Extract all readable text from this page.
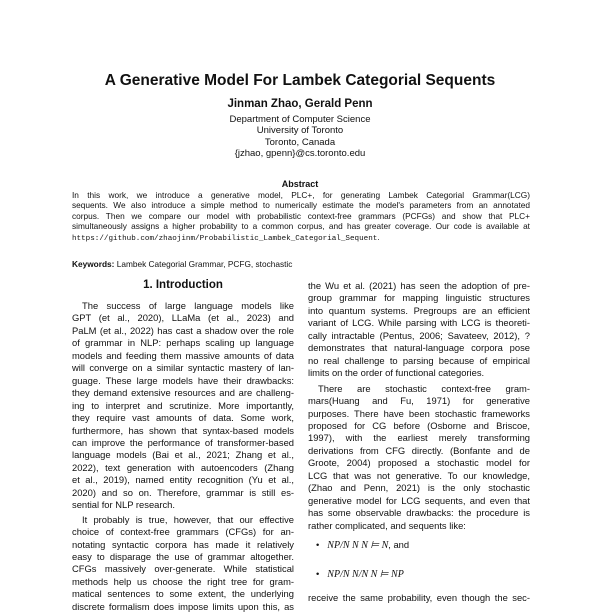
A Generative Model For Lambek Categorial Sequents
Jinman Zhao, Gerald Penn
Department of Computer Science
University of Toronto
Toronto, Canada
{jzhao, gpenn}@cs.toronto.edu
Abstract
In this work, we introduce a generative model, PLC+, for generating Lambek Categorial Grammar(LCG)
sequents. We also introduce a simple method to numerically estimate the model's parameters from an annotated
corpus. Then we compare our model with probabilistic context-free grammars (PCFGs) and show that PLC+
simultaneously assigns a higher probability to a common corpus, and has greater coverage. Our code is available at
https://github.com/zhaojinm/Probabilistic_Lambek_Categorial_Sequent.
Keywords: Lambek Categorial Grammar, PCFG, stochastic
1. Introduction
The success of large language models like
GPT (et al., 2020), LLaMa (et al., 2023) and
PaLM (et al., 2022) has cast a shadow over the role
of grammar in NLP: perhaps scaling up language
models and feeding them massive amounts of data
will converge on a similar syntactic mastery of lan-
guage. These large models have their drawbacks:
they demand extensive resources and are challeng-
ing to interpret and scrutinize. More importantly,
they require vast amounts of data. Some work,
furthermore, has shown that syntax-based models
can improve the performance of transformer-based
language models (Bai et al., 2021; Zhang et al.,
2022), text generation with autoencoders (Zhang
et al., 2019), named entity recognition (Yu et al.,
2020) and so on. Therefore, grammar is still es-
sential for NLP research.
It probably is true, however, that our effective
choice of context-free grammars (CFGs) for an-
notating syntactic corpora has made it relatively
easy to disparage the use of grammar altogether.
CFGs massively over-generate. While statistical
methods help us choose the right tree for gram-
matical sentences to some extent, the underlying
discrete formalism does impose limits upon this, as
the Wu et al. (2021) has seen the adoption of pre-
group grammar for mapping linguistic structures
into quantum systems. Pregroups are an efficient
variant of LCG. While parsing with LCG is theoreti-
cally intractable (Pentus, 2006; Savateev, 2012), ?
demonstrates that natural-language corpora pose
no real challenge to parsing because of empirical
limits on the order of functional categories.
There are stochastic context-free gram-
mars(Huang and Fu, 1971) for generative
purposes. There have been stochastic frameworks
proposed for CG before (Osborne and Briscoe,
1997), with the earliest merely transforming
derivations from CFG directly. (Bonfante and de
Groote, 2004) proposed a stochastic model for
LCG that was not generative. To our knowledge,
(Zhao and Penn, 2021) is the only stochastic
generative model for LCG sequents, and even that
has some observable drawbacks: the procedure is
rather complicated, and sequents like:
• NP/N N N ⊨ N, and
• NP/N N/N N ⊨ NP
receive the same probability, even though the sec-
